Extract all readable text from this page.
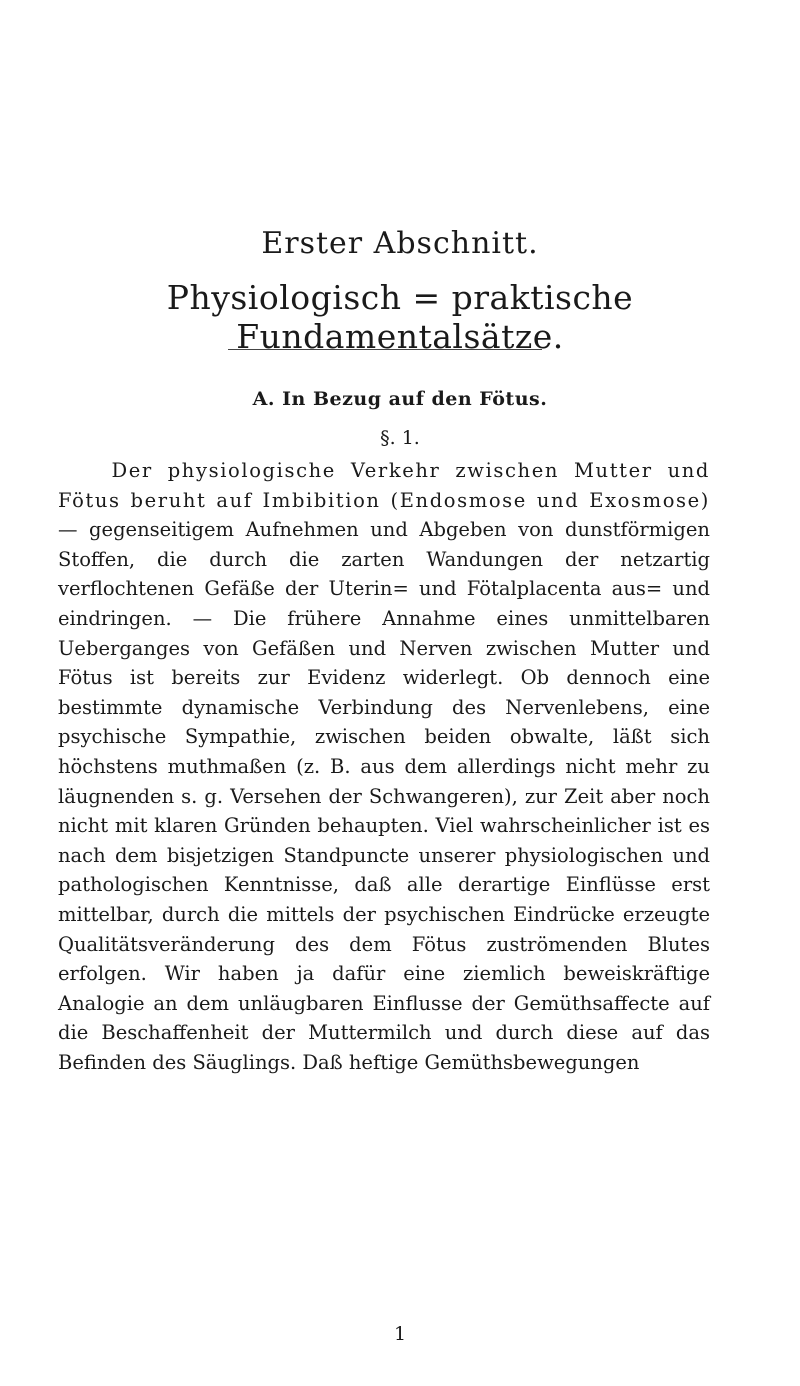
Erster Abschnitt.
Physiologisch = praktische Fundamentalsätze.
A. In Bezug auf den Fötus.
§. 1.
Der physiologische Verkehr zwischen Mutter und Fötus beruht auf Imbibition (Endosmose und Exosmose) — gegenseitigem Aufnehmen und Abgeben von dunstförmigen Stoffen, die durch die zarten Wandungen der netzartig verflochtenen Gefäße der Uterin= und Fötalplacenta aus= und eindringen. — Die frühere Annahme eines unmittelbaren Ueberganges von Gefäßen und Nerven zwischen Mutter und Fötus ist bereits zur Evidenz widerlegt. Ob dennoch eine bestimmte dynamische Verbindung des Nervenlebens, eine psychische Sympathie, zwischen beiden obwalte, läßt sich höchstens muthmaßen (z. B. aus dem allerdings nicht mehr zu läugnenden s. g. Versehen der Schwangeren), zur Zeit aber noch nicht mit klaren Gründen behaupten. Viel wahrscheinlicher ist es nach dem bisjetzigen Standpuncte unserer physiologischen und pathologischen Kenntnisse, daß alle derartige Einflüsse erst mittelbar, durch die mittels der psychischen Eindrücke erzeugte Qualitätsveränderung des dem Fötus zuströmenden Blutes erfolgen. Wir haben ja dafür eine ziemlich beweiskräftige Analogie an dem unläugbaren Einflusse der Gemüthsaffecte auf die Beschaffenheit der Muttermilch und durch diese auf das Befinden des Säuglings. Daß heftige Gemüthsbewegungen
1
